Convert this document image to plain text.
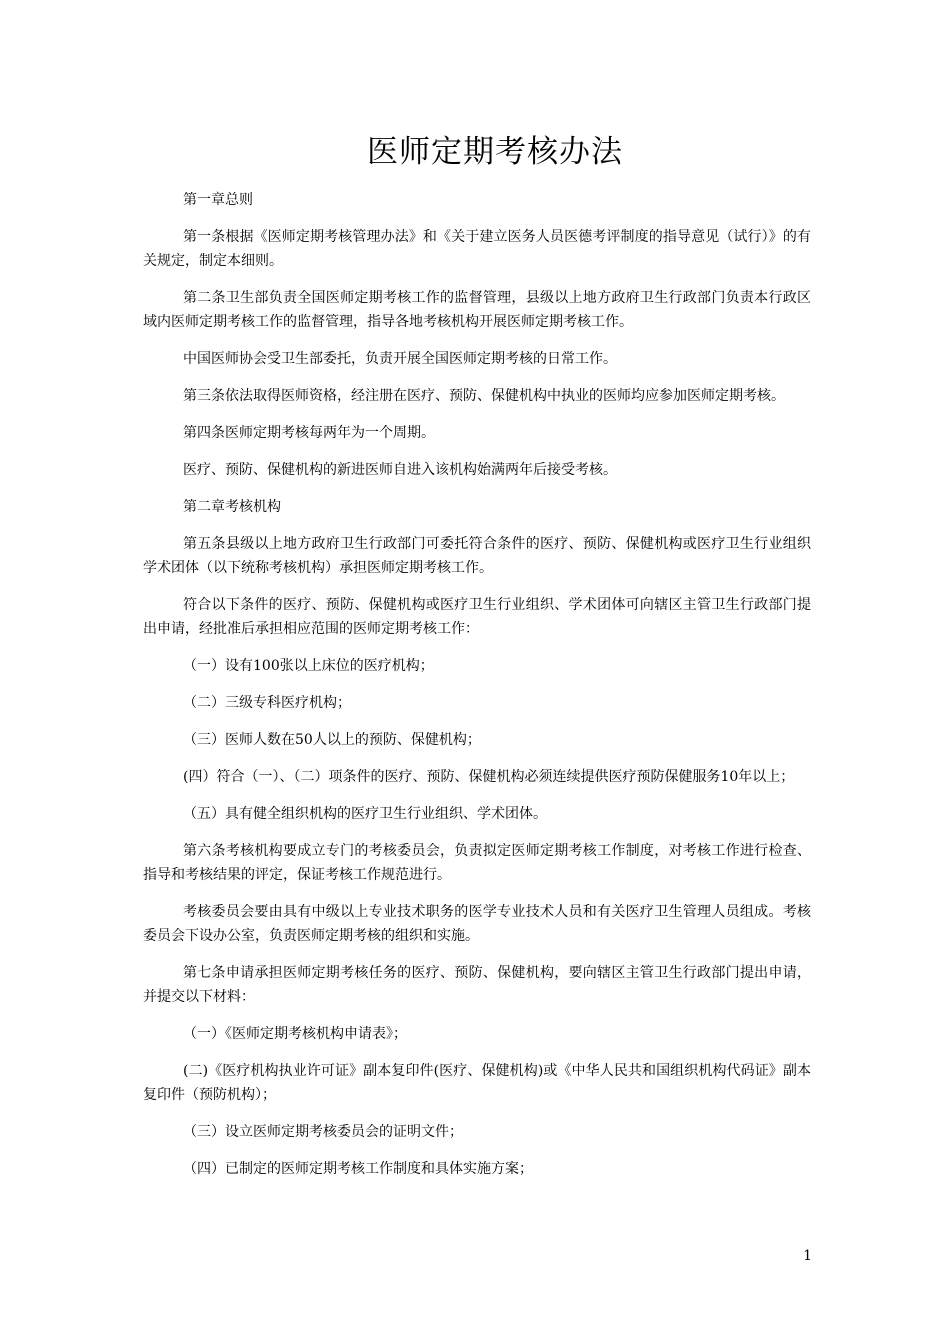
医师定期考核办法

第一章总则

第一条根据《医师定期考核管理办法》和《关于建立医务人员医德考评制度的指导意见（试行）》的有关规定，制定本细则。

第二条卫生部负责全国医师定期考核工作的监督管理，县级以上地方政府卫生行政部门负责本行政区域内医师定期考核工作的监督管理，指导各地考核机构开展医师定期考核工作。

中国医师协会受卫生部委托，负责开展全国医师定期考核的日常工作。

第三条依法取得医师资格，经注册在医疗、预防、保健机构中执业的医师均应参加医师定期考核。

第四条医师定期考核每两年为一个周期。

医疗、预防、保健机构的新进医师自进入该机构始满两年后接受考核。

第二章考核机构

第五条县级以上地方政府卫生行政部门可委托符合条件的医疗、预防、保健机构或医疗卫生行业组织学术团体（以下统称考核机构）承担医师定期考核工作。

符合以下条件的医疗、预防、保健机构或医疗卫生行业组织、学术团体可向辖区主管卫生行政部门提出申请，经批准后承担相应范围的医师定期考核工作：

（一）设有100张以上床位的医疗机构；

（二）三级专科医疗机构；

（三）医师人数在50人以上的预防、保健机构；

(四）符合（一）、（二）项条件的医疗、预防、保健机构必须连续提供医疗预防保健服务10年以上；

（五）具有健全组织机构的医疗卫生行业组织、学术团体。

第六条考核机构要成立专门的考核委员会，负责拟定医师定期考核工作制度，对考核工作进行检查、指导和考核结果的评定，保证考核工作规范进行。

考核委员会要由具有中级以上专业技术职务的医学专业技术人员和有关医疗卫生管理人员组成。考核委员会下设办公室，负责医师定期考核的组织和实施。

第七条申请承担医师定期考核任务的医疗、预防、保健机构，要向辖区主管卫生行政部门提出申请，并提交以下材料：

（一）《医师定期考核机构申请表》；

(二)《医疗机构执业许可证》副本复印件(医疗、保健机构)或《中华人民共和国组织机构代码证》副本复印件（预防机构）；

（三）设立医师定期考核委员会的证明文件；

（四）已制定的医师定期考核工作制度和具体实施方案；

1
